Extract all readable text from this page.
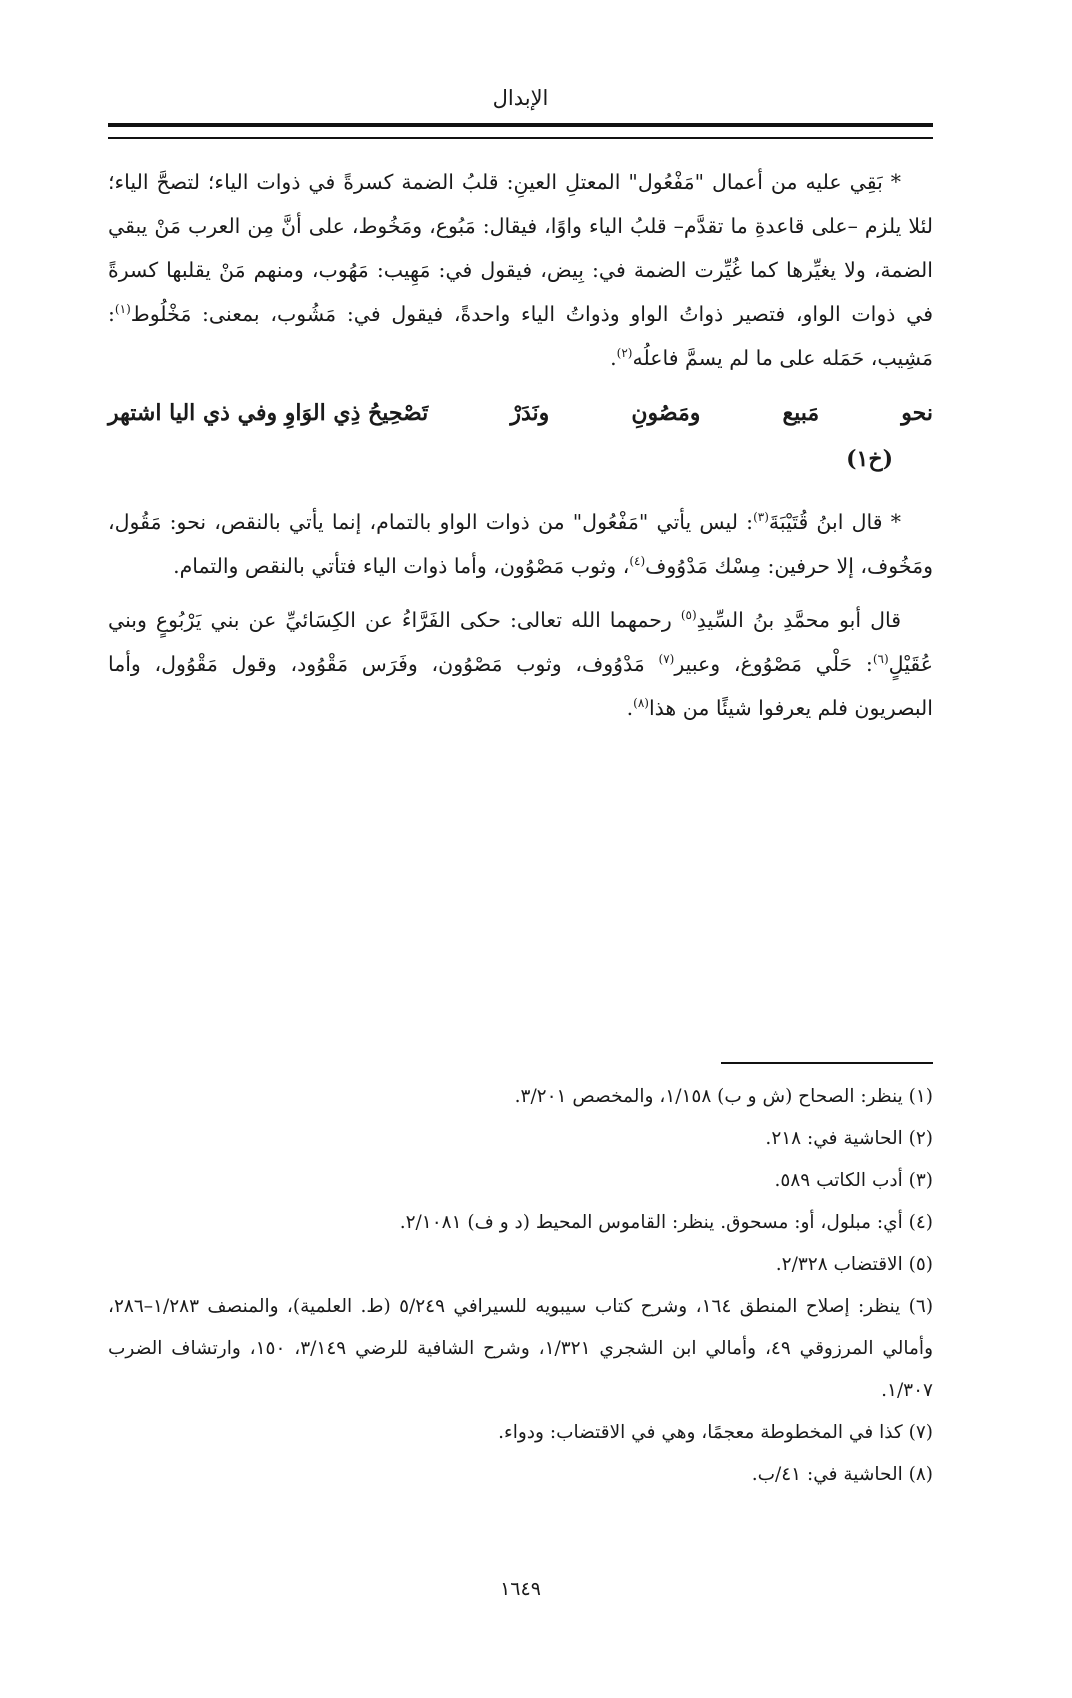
الإبدال

* بَقِي عليه من أعمال "مَفْعُول" المعتلِ العينِ: قلبُ الضمة كسرةً في ذوات الياء؛ لتصحَّ الياء؛ لئلا يلزم –على قاعدةِ ما تقدَّم– قلبُ الياء واوًا، فيقال: مَبُوع، ومَخُوط، على أنَّ مِن العرب مَنْ يبقي الضمة، ولا يغيِّرها كما غُيِّرت الضمة في: بِيض، فيقول في: مَهِيب: مَهُوب، ومنهم مَنْ يقلبها كسرةً في ذوات الواو، فتصير ذواتُ الواو وذواتُ الياء واحدةً، فيقول في: مَشُوب، بمعنى: مَخْلُوط$^{(١)}$: مَشِيب، حَمَله على ما لم يسمَّ فاعلُه$^{(٢)}$.

نحو
مَبيع
ومَصُونِ
ونَدَرْ
تَصْحِيحُ ذِي الوَاوِ وفي ذي اليا اشتهر
(خ١)

* قال ابنُ قُتَيْبَةَ$^{(٣)}$: ليس يأتي "مَفْعُول" من ذوات الواو بالتمام، إنما يأتي بالنقص، نحو: مَقُول، ومَخُوف، إلا حرفين: مِسْك مَدْوُوف$^{(٤)}$، وثوب مَصْوُون، وأما ذوات الياء فتأتي بالنقص والتمام.

قال أبو محمَّدِ بنُ السِّيدِ$^{(٥)}$ رحمهما الله تعالى: حكى الفَرَّاءُ عن الكِسَائيِّ عن بني يَرْبُوعٍ وبني عُقَيْلٍ$^{(٦)}$: حَلْي مَصْوُوغ، وعبير$^{(٧)}$ مَدْوُوف، وثوب مَصْوُون، وفَرَس مَقْوُود، وقول مَقْوُول، وأما البصريون فلم يعرفوا شيئًا من هذا$^{(٨)}$.

(١) ينظر: الصحاح (ش و ب) ١/١٥٨، والمخصص ٣/٢٠١.

(٢) الحاشية في: ٢١٨.

(٣) أدب الكاتب ٥٨٩.

(٤) أي: مبلول، أو: مسحوق. ينظر: القاموس المحيط (د و ف) ٢/١٠٨١.

(٥) الاقتضاب ٢/٣٢٨.

(٦) ينظر: إصلاح المنطق ١٦٤، وشرح كتاب سيبويه للسيرافي ٥/٢٤٩ (ط. العلمية)، والمنصف ١/٢٨٣–٢٨٦، وأمالي المرزوقي ٤٩، وأمالي ابن الشجري ١/٣٢١، وشرح الشافية للرضي ٣/١٤٩، ١٥٠، وارتشاف الضرب ١/٣٠٧.

(٧) كذا في المخطوطة معجمًا، وهي في الاقتضاب: ودواء.

(٨) الحاشية في: ٤١/ب.

١٦٤٩
